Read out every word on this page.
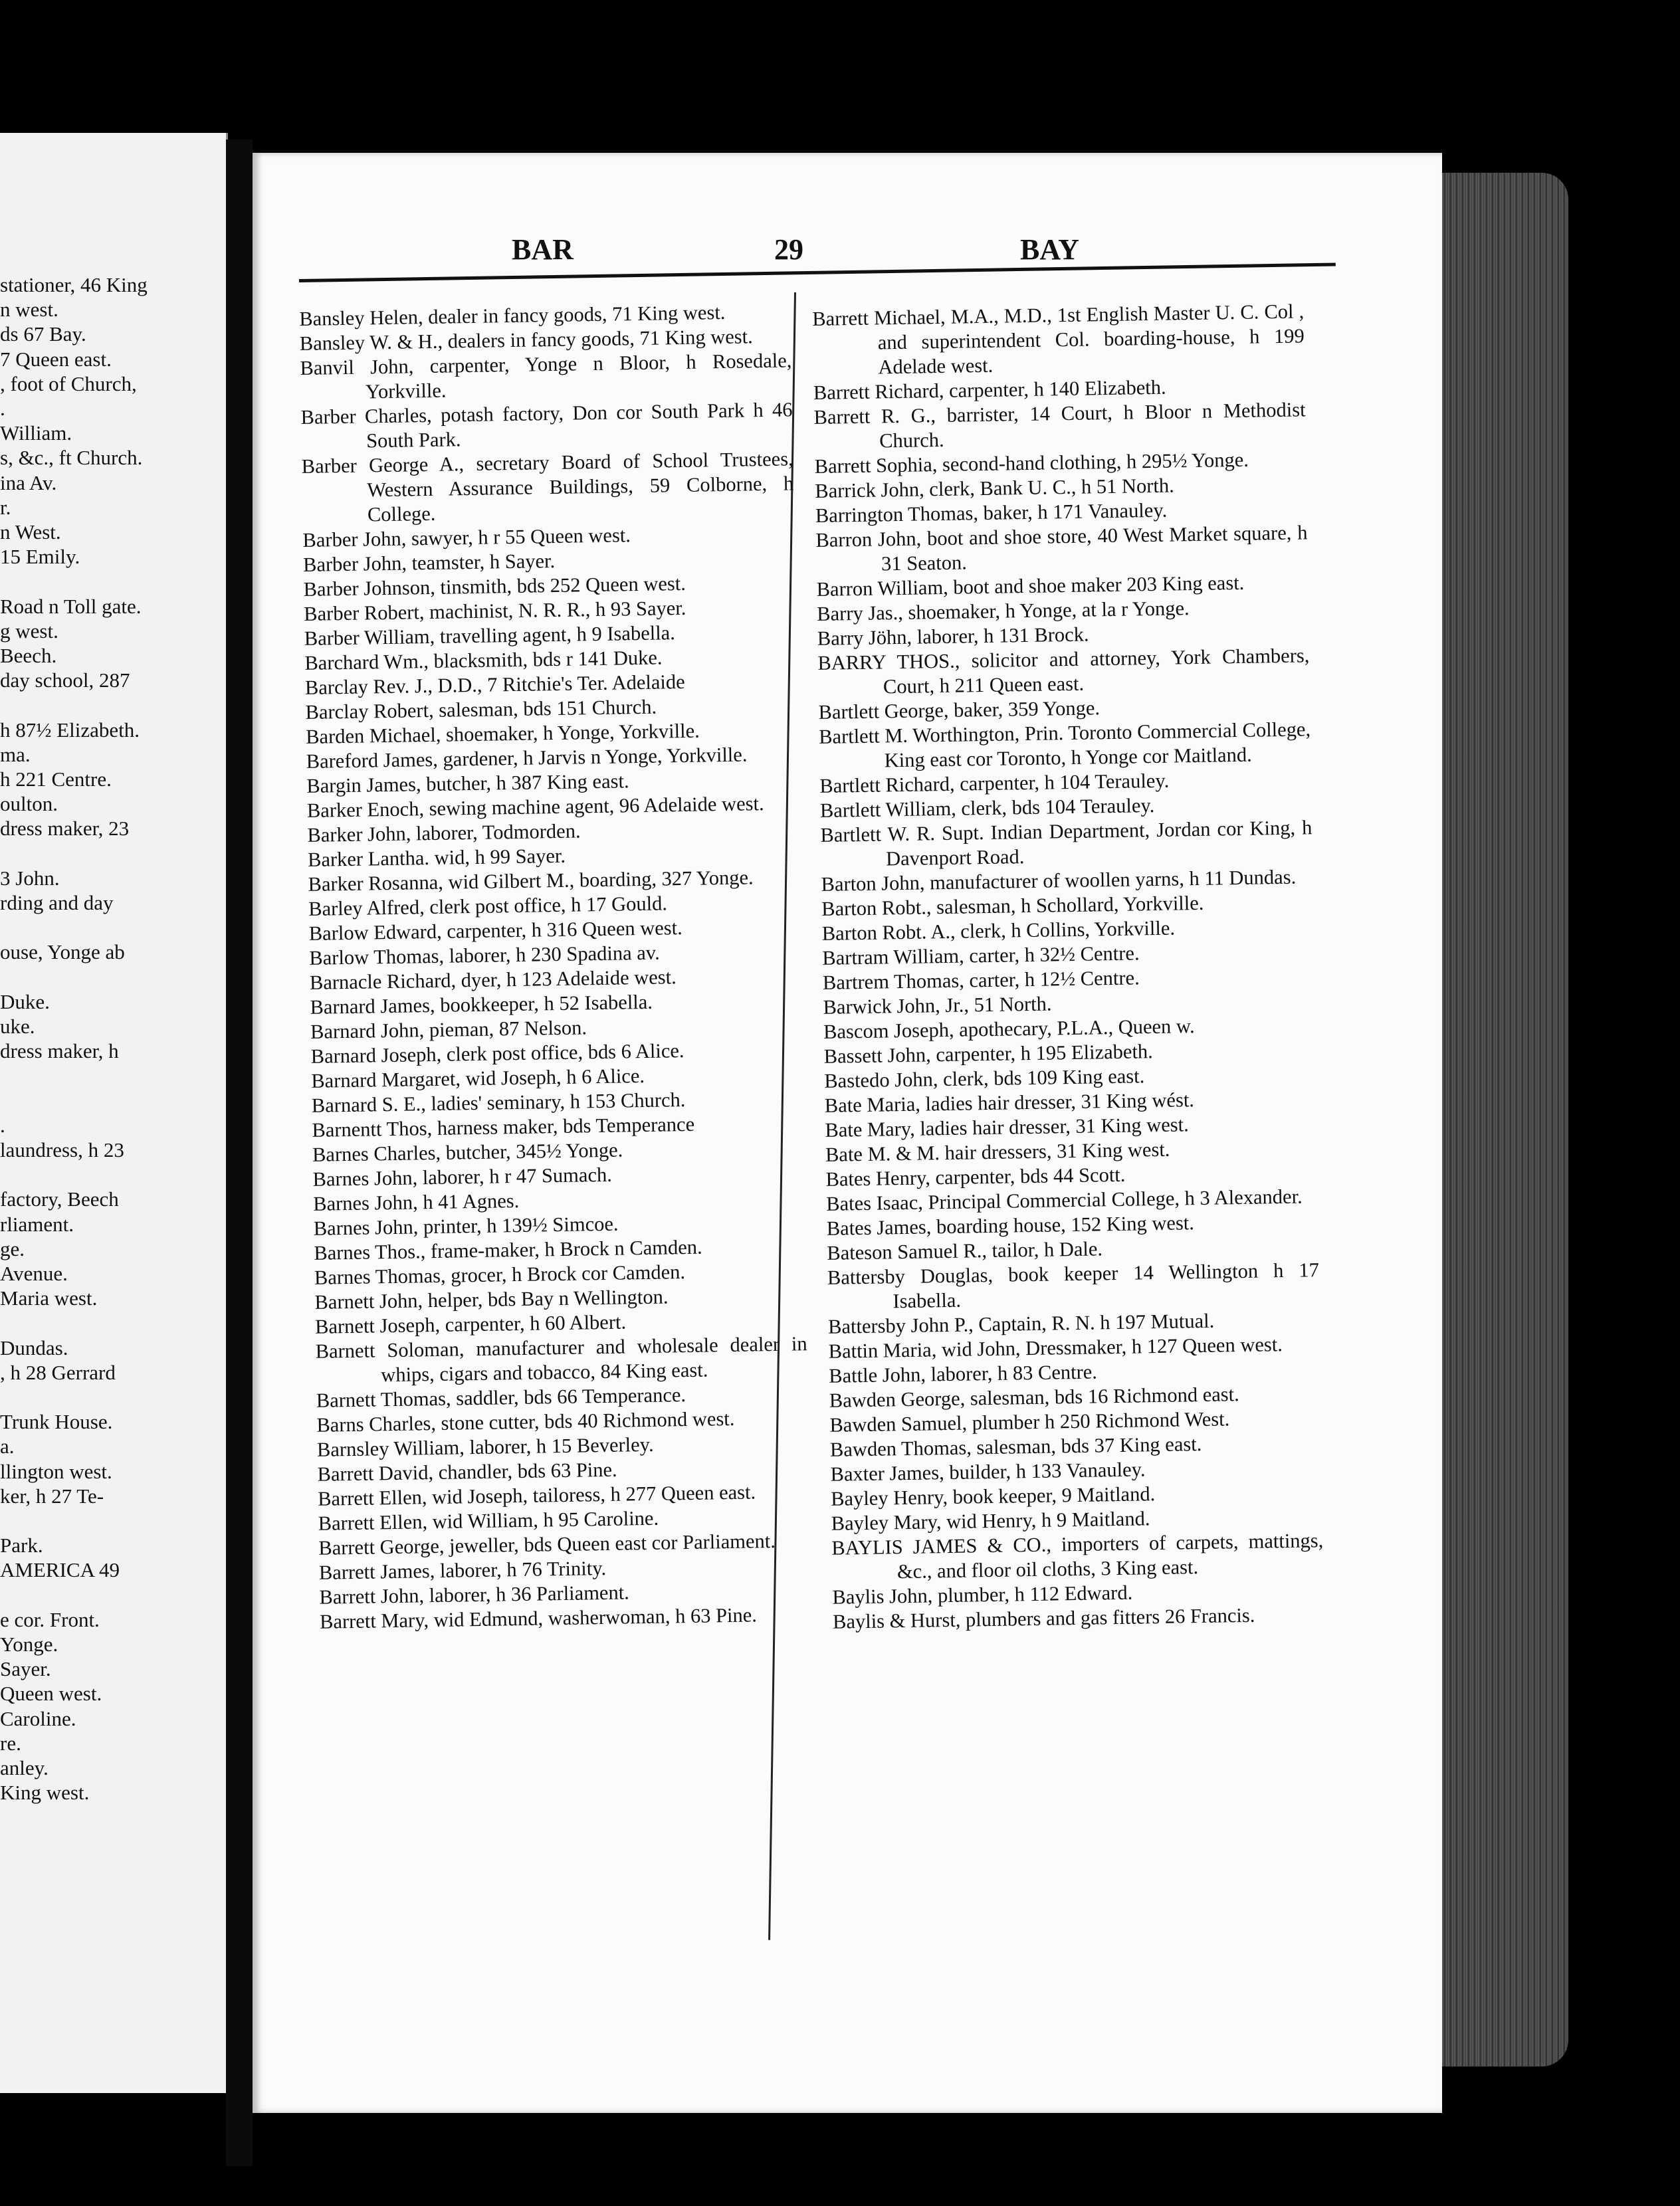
stationer, 46 King
n west.
ds 67 Bay.
7 Queen east.
, foot of Church,
.
William.
s, &c., ft Church.
ina Av.
r.
n West.
15 Emily.
Road n Toll gate.
g west.
Beech.
day school, 287
h 87½ Elizabeth.
ma.
h 221 Centre.
oulton.
dress maker, 23
3 John.
rding and day
ouse, Yonge ab
Duke.
uke.
dress maker, h
.
laundress, h 23
factory, Beech
rliament.
ge.
Avenue.
Maria west.
Dundas.
, h 28 Gerrard
Trunk House.
a.
llington west.
ker, h 27 Te-
Park.
AMERICA 49
e cor. Front.
Yonge.
Sayer.
Queen west.
Caroline.
re.
anley.
King west.
BAR	29	BAY
Bansley Helen, dealer in fancy goods, 71 King west.
Bansley W. & H., dealers in fancy goods, 71 King west.
Banvil John, carpenter, Yonge n Bloor, h Rosedale, Yorkville.
Barber Charles, potash factory, Don cor South Park h 46 South Park.
Barber George A., secretary Board of School Trustees, Western Assurance Buildings, 59 Colborne, h College.
Barber John, sawyer, h r 55 Queen west.
Barber John, teamster, h Sayer.
Barber Johnson, tinsmith, bds 252 Queen west.
Barber Robert, machinist, N. R. R., h 93 Sayer.
Barber William, travelling agent, h 9 Isabella.
Barchard Wm., blacksmith, bds r 141 Duke.
Barclay Rev. J., D.D., 7 Ritchie's Ter. Adelaide
Barclay Robert, salesman, bds 151 Church.
Barden Michael, shoemaker, h Yonge, Yorkville.
Bareford James, gardener, h Jarvis n Yonge, Yorkville.
Bargin James, butcher, h 387 King east.
Barker Enoch, sewing machine agent, 96 Adelaide west.
Barker John, laborer, Todmorden.
Barker Lantha. wid, h 99 Sayer.
Barker Rosanna, wid Gilbert M., boarding, 327 Yonge.
Barley Alfred, clerk post office, h 17 Gould.
Barlow Edward, carpenter, h 316 Queen west.
Barlow Thomas, laborer, h 230 Spadina av.
Barnacle Richard, dyer, h 123 Adelaide west.
Barnard James, bookkeeper, h 52 Isabella.
Barnard John, pieman, 87 Nelson.
Barnard Joseph, clerk post office, bds 6 Alice.
Barnard Margaret, wid Joseph, h 6 Alice.
Barnard S. E., ladies' seminary, h 153 Church.
Barnentt Thos, harness maker, bds Temperance
Barnes Charles, butcher, 345½ Yonge.
Barnes John, laborer, h r 47 Sumach.
Barnes John, h 41 Agnes.
Barnes John, printer, h 139½ Simcoe.
Barnes Thos., frame-maker, h Brock n Camden.
Barnes Thomas, grocer, h Brock cor Camden.
Barnett John, helper, bds Bay n Wellington.
Barnett Joseph, carpenter, h 60 Albert.
Barnett Soloman, manufacturer and wholesale dealer in whips, cigars and tobacco, 84 King east.
Barnett Thomas, saddler, bds 66 Temperance.
Barns Charles, stone cutter, bds 40 Richmond west.
Barnsley William, laborer, h 15 Beverley.
Barrett David, chandler, bds 63 Pine.
Barrett Ellen, wid Joseph, tailoress, h 277 Queen east.
Barrett Ellen, wid William, h 95 Caroline.
Barrett George, jeweller, bds Queen east cor Parliament.
Barrett James, laborer, h 76 Trinity.
Barrett John, laborer, h 36 Parliament.
Barrett Mary, wid Edmund, washerwoman, h 63 Pine.
Barrett Michael, M.A., M.D., 1st English Master U. C. Col , and superintendent Col. boarding-house, h 199 Adelade west.
Barrett Richard, carpenter, h 140 Elizabeth.
Barrett R. G., barrister, 14 Court, h Bloor n Methodist Church.
Barrett Sophia, second-hand clothing, h 295½ Yonge.
Barrick John, clerk, Bank U. C., h 51 North.
Barrington Thomas, baker, h 171 Vanauley.
Barron John, boot and shoe store, 40 West Market square, h 31 Seaton.
Barron William, boot and shoe maker 203 King east.
Barry Jas., shoemaker, h Yonge, at la r Yonge.
Barry Jöhn, laborer, h 131 Brock.
BARRY THOS., solicitor and attorney, York Chambers, Court, h 211 Queen east.
Bartlett George, baker, 359 Yonge.
Bartlett M. Worthington, Prin. Toronto Commercial College, King east cor Toronto, h Yonge cor Maitland.
Bartlett Richard, carpenter, h 104 Terauley.
Bartlett William, clerk, bds 104 Terauley.
Bartlett W. R. Supt. Indian Department, Jordan cor King, h Davenport Road.
Barton John, manufacturer of woollen yarns, h 11 Dundas.
Barton Robt., salesman, h Schollard, Yorkville.
Barton Robt. A., clerk, h Collins, Yorkville.
Bartram William, carter, h 32½ Centre.
Bartrem Thomas, carter, h 12½ Centre.
Barwick John, Jr., 51 North.
Bascom Joseph, apothecary, P.L.A., Queen w.
Bassett John, carpenter, h 195 Elizabeth.
Bastedo John, clerk, bds 109 King east.
Bate Maria, ladies hair dresser, 31 King wést.
Bate Mary, ladies hair dresser, 31 King west.
Bate M. & M. hair dressers, 31 King west.
Bates Henry, carpenter, bds 44 Scott.
Bates Isaac, Principal Commercial College, h 3 Alexander.
Bates James, boarding house, 152 King west.
Bateson Samuel R., tailor, h Dale.
Battersby Douglas, book keeper 14 Wellington h 17 Isabella.
Battersby John P., Captain, R. N. h 197 Mutual.
Battin Maria, wid John, Dressmaker, h 127 Queen west.
Battle John, laborer, h 83 Centre.
Bawden George, salesman, bds 16 Richmond east.
Bawden Samuel, plumber h 250 Richmond West.
Bawden Thomas, salesman, bds 37 King east.
Baxter James, builder, h 133 Vanauley.
Bayley Henry, book keeper, 9 Maitland.
Bayley Mary, wid Henry, h 9 Maitland.
BAYLIS JAMES & CO., importers of carpets, mattings, &c., and floor oil cloths, 3 King east.
Baylis John, plumber, h 112 Edward.
Baylis & Hurst, plumbers and gas fitters 26 Francis.
